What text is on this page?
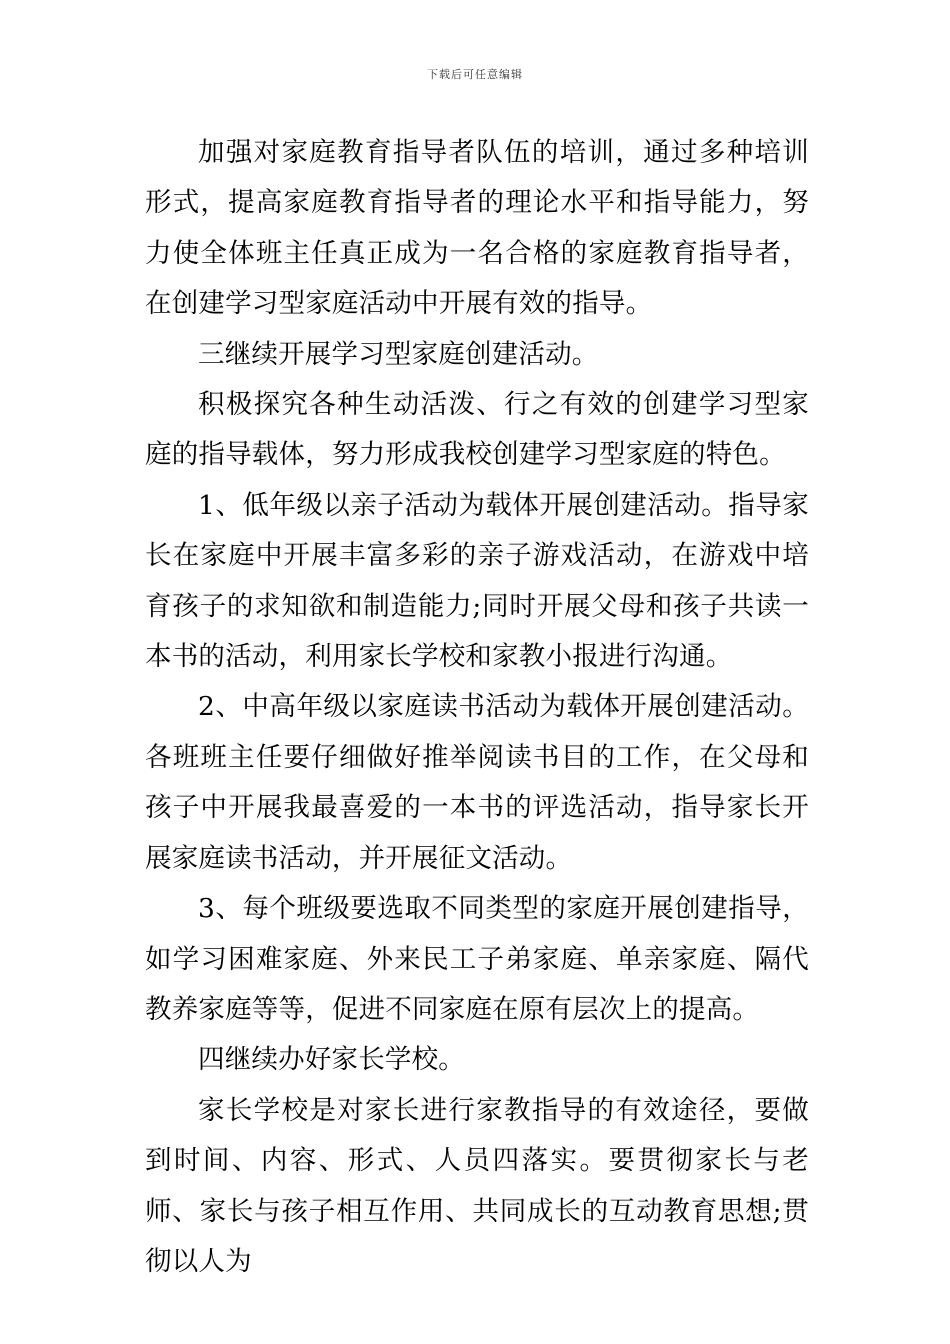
下载后可任意编辑

加强对家庭教育指导者队伍的培训，通过多种培训形式，提高家庭教育指导者的理论水平和指导能力，努力使全体班主任真正成为一名合格的家庭教育指导者，在创建学习型家庭活动中开展有效的指导。

三继续开展学习型家庭创建活动。

积极探究各种生动活泼、行之有效的创建学习型家庭的指导载体，努力形成我校创建学习型家庭的特色。

1、低年级以亲子活动为载体开展创建活动。指导家长在家庭中开展丰富多彩的亲子游戏活动，在游戏中培育孩子的求知欲和制造能力;同时开展父母和孩子共读一本书的活动，利用家长学校和家教小报进行沟通。

2、中高年级以家庭读书活动为载体开展创建活动。各班班主任要仔细做好推举阅读书目的工作，在父母和孩子中开展我最喜爱的一本书的评选活动，指导家长开展家庭读书活动，并开展征文活动。

3、每个班级要选取不同类型的家庭开展创建指导，如学习困难家庭、外来民工子弟家庭、单亲家庭、隔代教养家庭等等，促进不同家庭在原有层次上的提高。

四继续办好家长学校。

家长学校是对家长进行家教指导的有效途径，要做到时间、内容、形式、人员四落实。要贯彻家长与老师、家长与孩子相互作用、共同成长的互动教育思想;贯彻以人为
